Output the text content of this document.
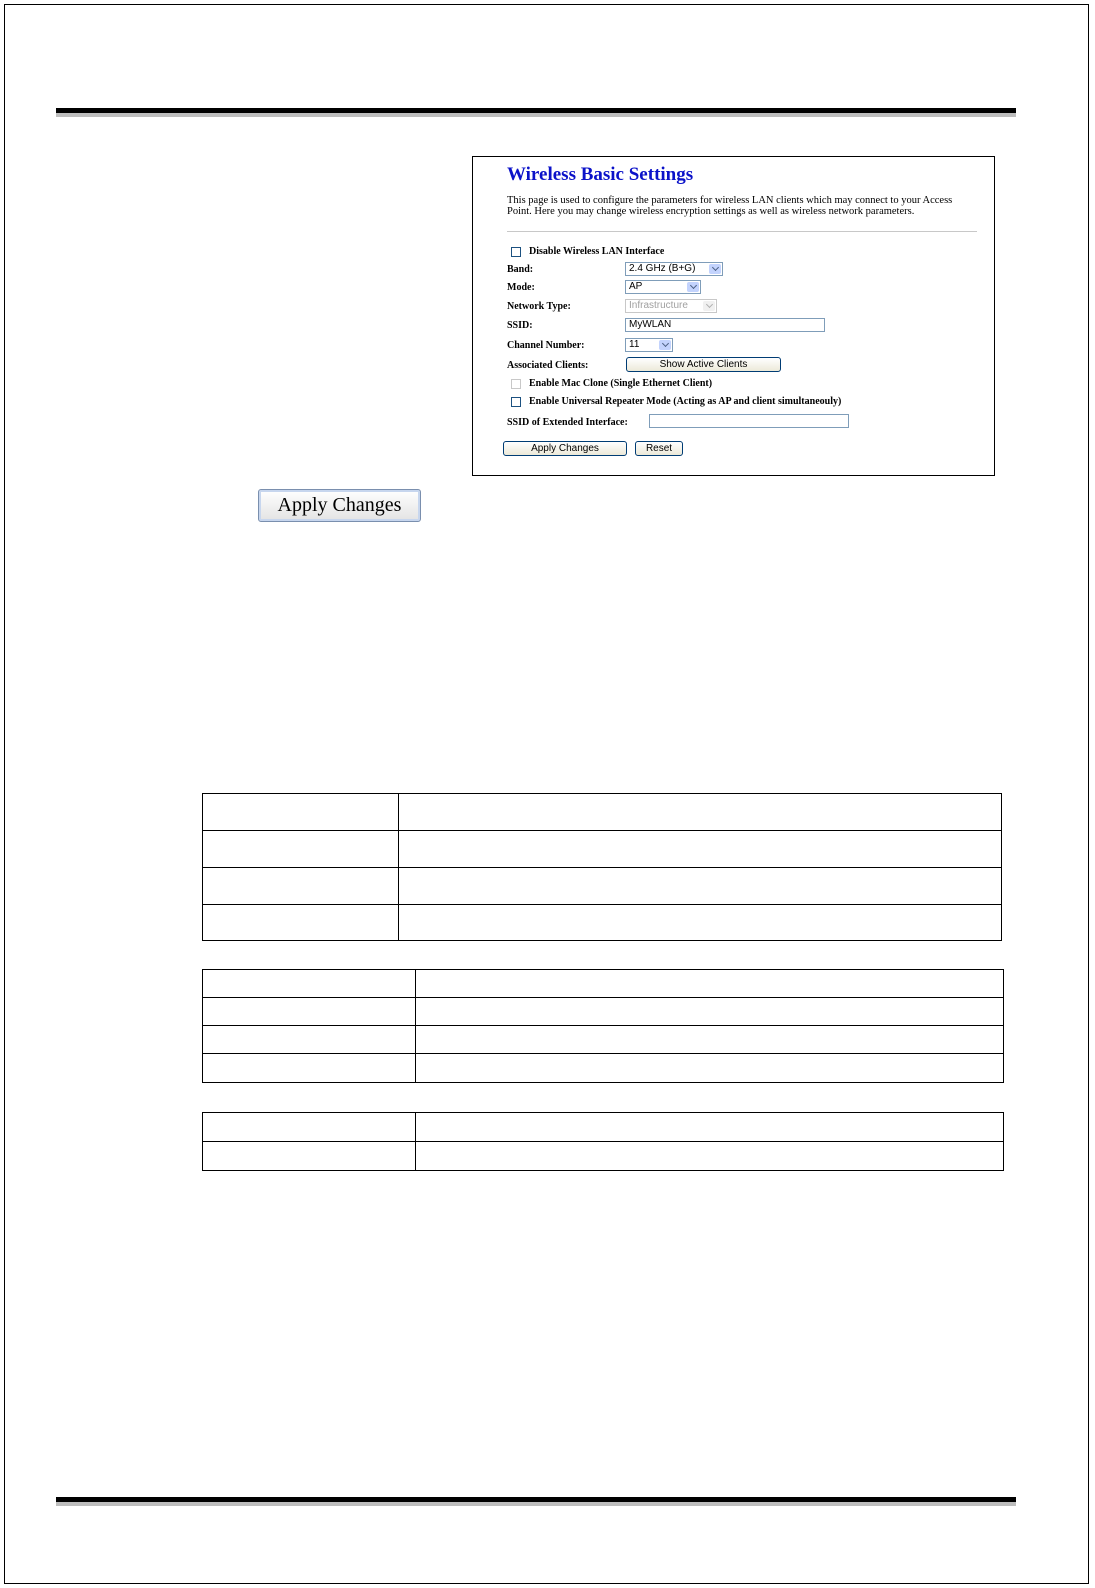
Wireless Basic Settings

This page is used to configure the parameters for wireless LAN clients which may connect to your Access Point. Here you may change wireless encryption settings as well as wireless network parameters.

Disable Wireless LAN Interface
Band:	2.4 GHz (B+G)
Mode:	AP
Network Type:	Infrastructure
SSID:	MyWLAN
Channel Number:	11
Associated Clients:	Show Active Clients
Enable Mac Clone (Single Ethernet Client)
Enable Universal Repeater Mode (Acting as AP and client simultaneouly)
SSID of Extended Interface:
Apply Changes	Reset
Apply Changes
